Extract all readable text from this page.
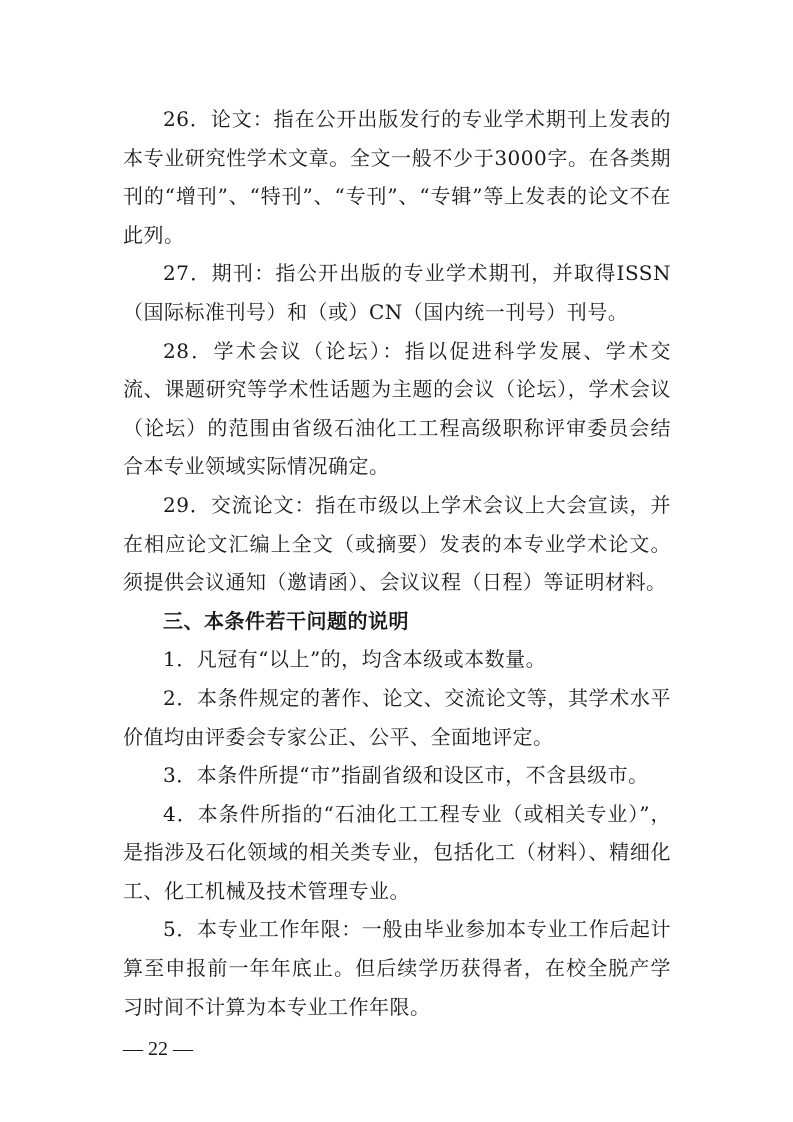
26．论文：指在公开出版发行的专业学术期刊上发表的本专业研究性学术文章。全文一般不少于3000字。在各类期刊的“增刊”、“特刊”、“专刊”、“专辑”等上发表的论文不在此列。

27．期刊：指公开出版的专业学术期刊，并取得ISSN（国际标准刊号）和（或）CN（国内统一刊号）刊号。

28．学术会议（论坛）：指以促进科学发展、学术交流、课题研究等学术性话题为主题的会议（论坛），学术会议（论坛）的范围由省级石油化工工程高级职称评审委员会结合本专业领域实际情况确定。

29．交流论文：指在市级以上学术会议上大会宣读，并在相应论文汇编上全文（或摘要）发表的本专业学术论文。须提供会议通知（邀请函）、会议议程（日程）等证明材料。

三、本条件若干问题的说明

1．凡冠有“以上”的，均含本级或本数量。

2．本条件规定的著作、论文、交流论文等，其学术水平价值均由评委会专家公正、公平、全面地评定。

3．本条件所提“市”指副省级和设区市，不含县级市。

4．本条件所指的“石油化工工程专业（或相关专业）”，是指涉及石化领域的相关类专业，包括化工（材料）、精细化工、化工机械及技术管理专业。

5．本专业工作年限：一般由毕业参加本专业工作后起计算至申报前一年年底止。但后续学历获得者，在校全脱产学习时间不计算为本专业工作年限。

— 22 —
